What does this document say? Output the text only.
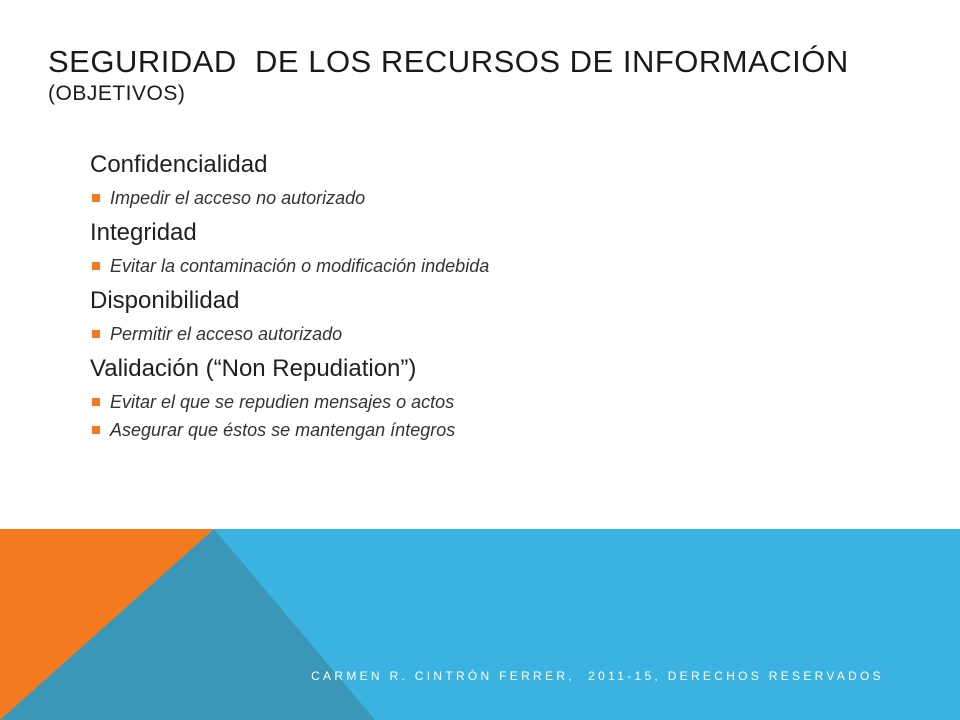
SEGURIDAD  DE LOS RECURSOS DE INFORMACIÓN
(OBJETIVOS)
Confidencialidad
Impedir el acceso no autorizado
Integridad
Evitar la contaminación o modificación indebida
Disponibilidad
Permitir el acceso autorizado
Validación (“Non Repudiation”)
Evitar el que se repudien mensajes o actos
Asegurar que éstos se mantengan íntegros
CARMEN R. CINTRÓN FERRER,  2011-15, DERECHOS RESERVADOS
